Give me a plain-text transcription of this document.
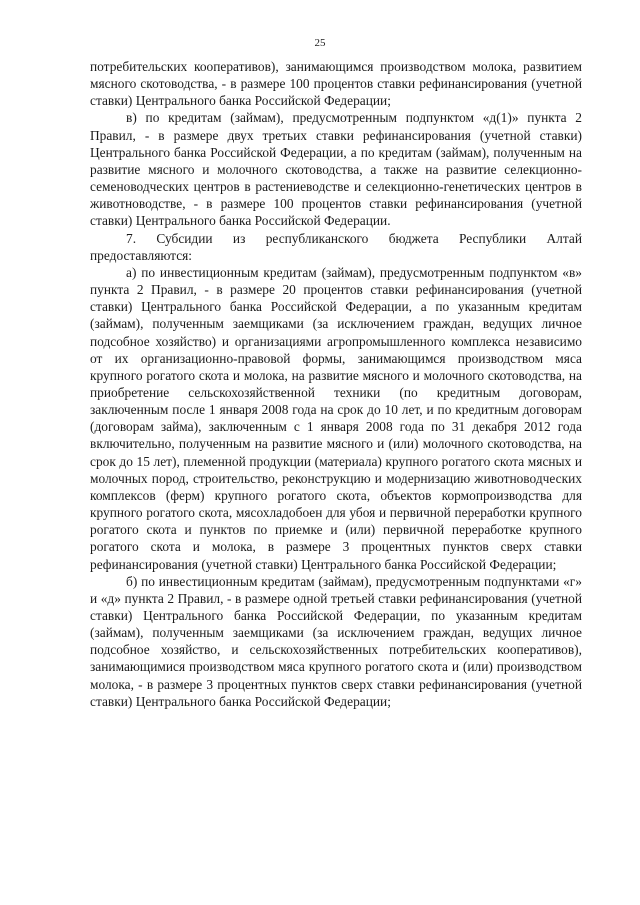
25

потребительских кооперативов), занимающимся производством молока, развитием мясного скотоводства, - в размере 100 процентов ставки рефинансирования (учетной ставки) Центрального банка Российской Федерации;

в) по кредитам (займам), предусмотренным подпунктом «д(1)» пункта 2 Правил, - в размере двух третьих ставки рефинансирования (учетной ставки) Центрального банка Российской Федерации, а по кредитам (займам), полученным на развитие мясного и молочного скотоводства, а также на развитие селекционно-семеноводческих центров в растениеводстве и селекционно-генетических центров в животноводстве, - в размере 100 процентов ставки рефинансирования (учетной ставки) Центрального банка Российской Федерации.

7. Субсидии из республиканского бюджета Республики Алтай предоставляются:

а) по инвестиционным кредитам (займам), предусмотренным подпунктом «в» пункта 2 Правил, - в размере 20 процентов ставки рефинансирования (учетной ставки) Центрального банка Российской Федерации, а по указанным кредитам (займам), полученным заемщиками (за исключением граждан, ведущих личное подсобное хозяйство) и организациями агропромышленного комплекса независимо от их организационно-правовой формы, занимающимся производством мяса крупного рогатого скота и молока, на развитие мясного и молочного скотоводства, на приобретение сельскохозяйственной техники (по кредитным договорам, заключенным после 1 января 2008 года на срок до 10 лет, и по кредитным договорам (договорам займа), заключенным с 1 января 2008 года по 31 декабря 2012 года включительно, полученным на развитие мясного и (или) молочного скотоводства, на срок до 15 лет), племенной продукции (материала) крупного рогатого скота мясных и молочных пород, строительство, реконструкцию и модернизацию животноводческих комплексов (ферм) крупного рогатого скота, объектов кормопроизводства для крупного рогатого скота, мясохладобоен для убоя и первичной переработки крупного рогатого скота и пунктов по приемке и (или) первичной переработке крупного рогатого скота и молока, в размере 3 процентных пунктов сверх ставки рефинансирования (учетной ставки) Центрального банка Российской Федерации;

б) по инвестиционным кредитам (займам), предусмотренным подпунктами «г» и «д» пункта 2 Правил, - в размере одной третьей ставки рефинансирования (учетной ставки) Центрального банка Российской Федерации, по указанным кредитам (займам), полученным заемщиками (за исключением граждан, ведущих личное подсобное хозяйство, и сельскохозяйственных потребительских кооперативов), занимающимися производством мяса крупного рогатого скота и (или) производством молока, - в размере 3 процентных пунктов сверх ставки рефинансирования (учетной ставки) Центрального банка Российской Федерации;
